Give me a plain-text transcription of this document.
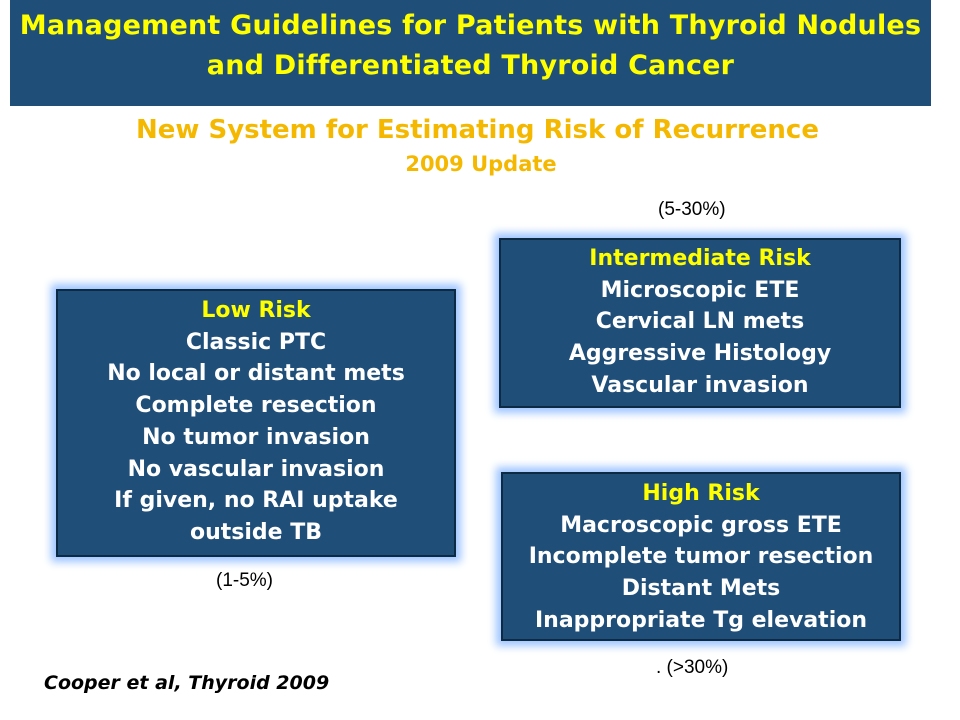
Management Guidelines for Patients with Thyroid Nodules
and Differentiated Thyroid Cancer
New System for Estimating Risk of Recurrence
2009 Update
(5-30%)
Intermediate Risk
Microscopic ETE
Cervical LN mets
Aggressive Histology
Vascular invasion
Low Risk
Classic PTC
No local or distant mets
Complete resection
No tumor invasion
No vascular invasion
If given, no RAI uptake
outside TB
High Risk
Macroscopic gross ETE
Incomplete tumor resection
Distant Mets
Inappropriate Tg elevation
(1-5%)
. (>30%)
Cooper et al, Thyroid 2009
